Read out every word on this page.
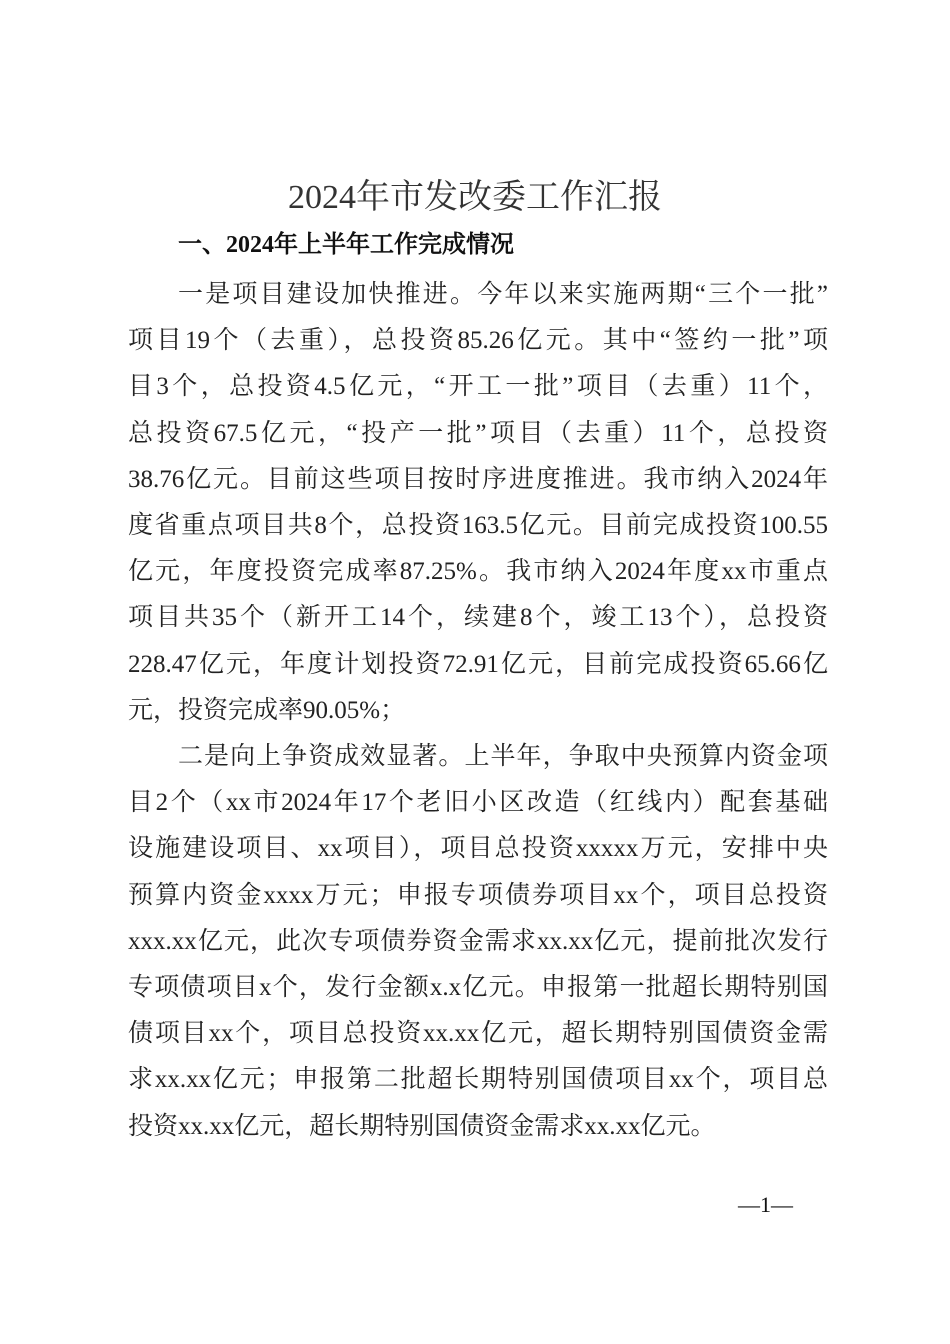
2024年市发改委工作汇报
一、2024年上半年工作完成情况
一是项目建设加快推进。今年以来实施两期“三个一批”
项目19个（去重），总投资85.26亿元。其中“签约一批”项
目3个，总投资4.5亿元，“开工一批”项目（去重）11个，
总投资67.5亿元，“投产一批”项目（去重）11个，总投资
38.76亿元。目前这些项目按时序进度推进。我市纳入2024年
度省重点项目共8个，总投资163.5亿元。目前完成投资100.55
亿元，年度投资完成率87.25%。我市纳入2024年度xx市重点
项目共35个（新开工14个，续建8个，竣工13个），总投资
228.47亿元，年度计划投资72.91亿元，目前完成投资65.66亿
元，投资完成率90.05%；
二是向上争资成效显著。上半年，争取中央预算内资金项
目2个（xx市2024年17个老旧小区改造（红线内）配套基础
设施建设项目、xx项目），项目总投资xxxxx万元，安排中央
预算内资金xxxx万元；申报专项债券项目xx个，项目总投资
xxx.xx亿元，此次专项债券资金需求xx.xx亿元，提前批次发行
专项债项目x个，发行金额x.x亿元。申报第一批超长期特别国
债项目xx个，项目总投资xx.xx亿元，超长期特别国债资金需
求xx.xx亿元；申报第二批超长期特别国债项目xx个，项目总
投资xx.xx亿元，超长期特别国债资金需求xx.xx亿元。
—1—
